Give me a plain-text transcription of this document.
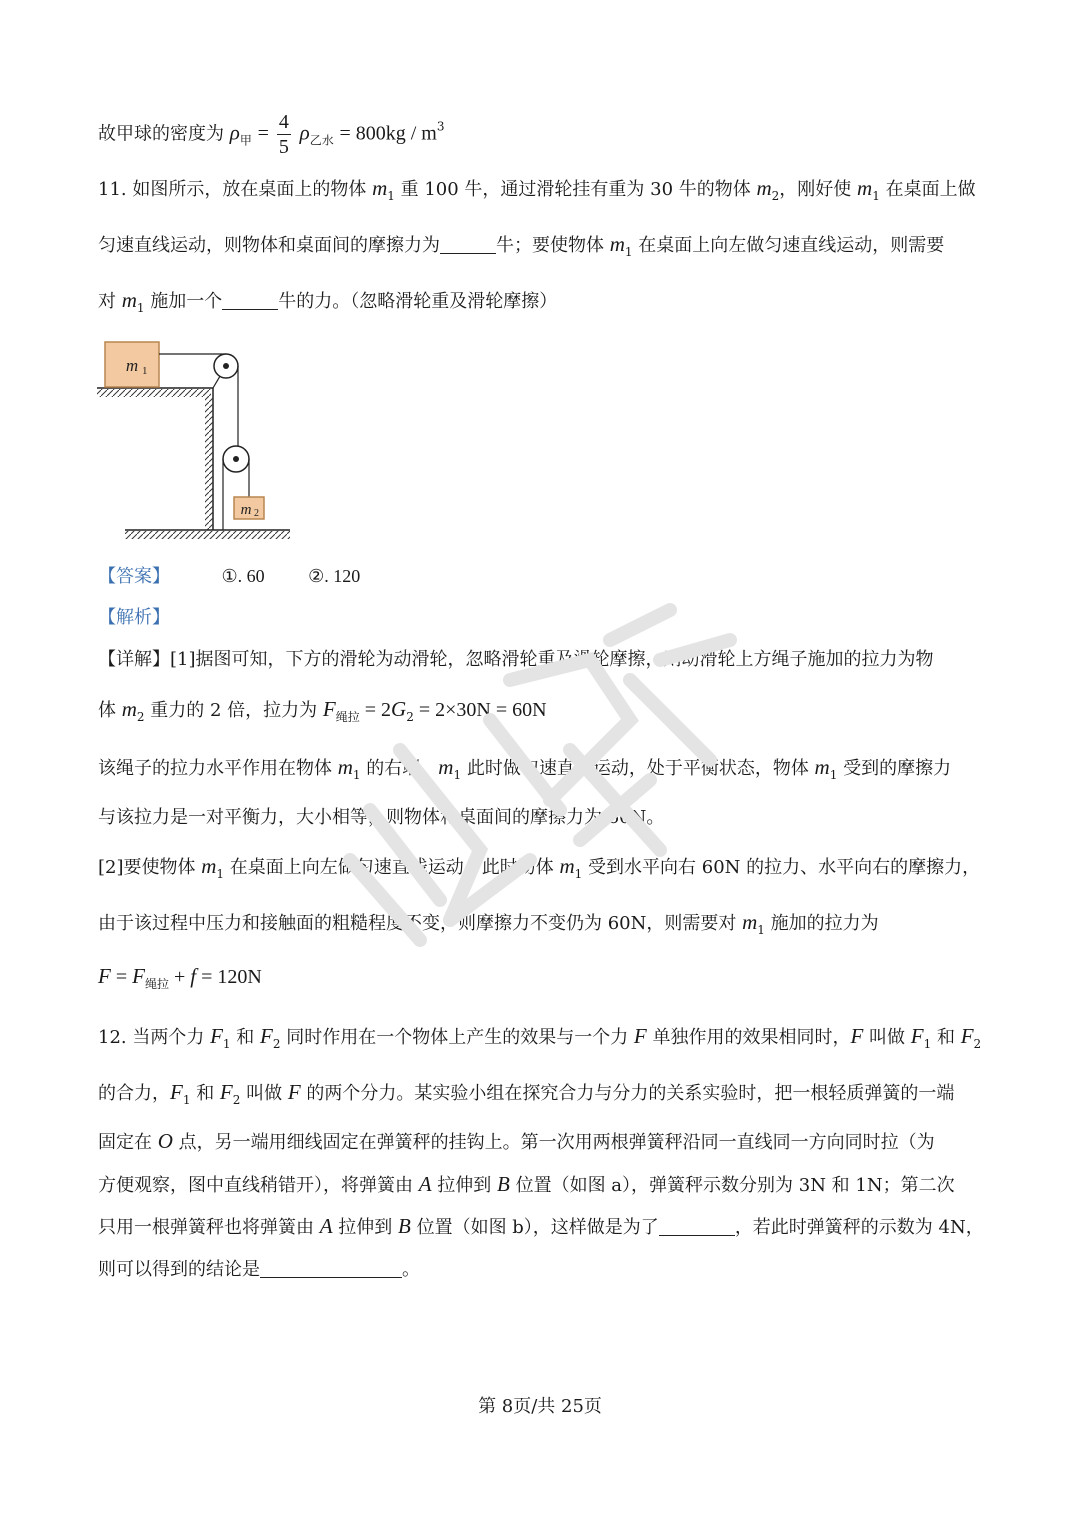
故甲球的密度为 $\rho_甲 = \frac{4}{5} \rho_{乙水} = 800kg / m^3$
11. 如图所示，放在桌面上的物体 $m_1$ 重 100 牛，通过滑轮挂有重为 30 牛的物体 $m_2$，刚好使 $m_1$ 在桌面上做
匀速直线运动，则物体和桌面间的摩擦力为	牛；要使物体 $m_1$ 在桌面上向左做匀速直线运动，则需要
对 $m_1$ 施加一个	牛的力。（忽略滑轮重及滑轮摩擦）
m 1
m 2
【答案】	①. 60 ②. 120
【解析】
【详解】[1]据图可知，下方的滑轮为动滑轮，忽略滑轮重及滑轮摩擦，则动滑轮上方绳子施加的拉力为物
体 $m_2$ 重力的 2 倍，拉力为 $F_{绳拉} = 2G_2 = 2\times 30N = 60N$
该绳子的拉力水平作用在物体 $m_1$ 的右端，$m_1$ 此时做匀速直线运动，处于平衡状态，物体 $m_1$ 受到的摩擦力
与该拉力是一对平衡力，大小相等，则物体和桌面间的摩擦力为 60N。
[2]要使物体 $m_1$ 在桌面上向左做匀速直线运动，此时物体 $m_1$ 受到水平向右 60N 的拉力、水平向右的摩擦力，
由于该过程中压力和接触面的粗糙程度不变，则摩擦力不变仍为 60N，则需要对 $m_1$ 施加的拉力为
$F = F_{绳拉} + f = 120N$
12. 当两个力 $F_1$ 和 $F_2$ 同时作用在一个物体上产生的效果与一个力 F 单独作用的效果相同时，F 叫做 $F_1$ 和 $F_2$
的合力，$F_1$ 和 $F_2$ 叫做 F 的两个分力。某实验小组在探究合力与分力的关系实验时，把一根轻质弹簧的一端
固定在 O 点，另一端用细线固定在弹簧秤的挂钩上。第一次用两根弹簧秤沿同一直线同一方向同时拉（为
方便观察，图中直线稍错开），将弹簧由 A 拉伸到 B 位置（如图 a），弹簧秤示数分别为 3N 和 1N；第二次
只用一根弹簧秤也将弹簧由 A 拉伸到 B 位置（如图 b），这样做是为了	，若此时弹簧秤的示数为 4N，
则可以得到的结论是	。
第 8页/共 25页
